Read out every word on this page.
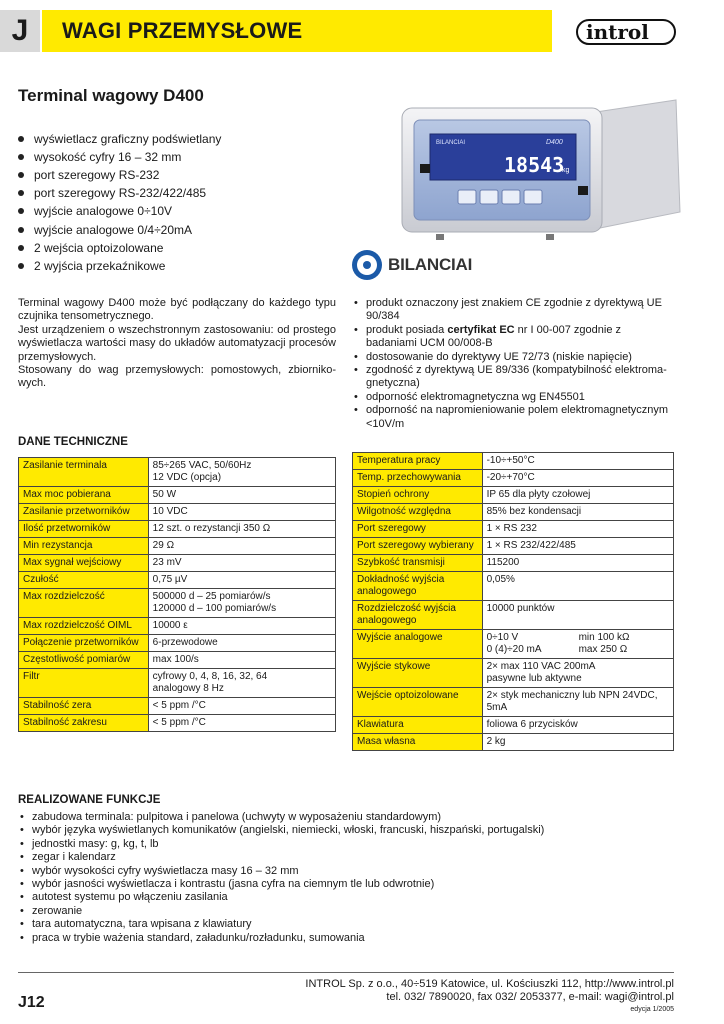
J	WAGI PRZEMYSŁOWE	introl
Terminal wagowy D400
wyświetlacz graficzny podświetlany
wysokość cyfry 16 – 32 mm
port szeregowy RS-232
port szeregowy RS-232/422/485
wyjście analogowe 0÷10V
wyjście analogowe 0/4÷20mA
2 wejścia optoizolowane
2 wyjścia przekaźnikowe
BILANCIAI	D400
18543
kg
BILANCIAI
Terminal wagowy D400 może być podłączany do każdego typu czujnika tensometrycznego.
Jest urządzeniem o wszechstronnym zastosowaniu: od prostego wyświetlacza wartości masy do układów automatyzacji procesów przemysłowych.
Stosowany do wag przemysłowych: pomostowych, zbiorniko-wych.
• produkt oznaczony jest znakiem CE zgodnie z dyrektywą UE 90/384
• produkt posiada certyfikat EC nr I 00-007 zgodnie z badaniami UCM 00/008-B
• dostosowanie do dyrektywy UE 72/73 (niskie napięcie)
• zgodność z dyrektywą UE 89/336 (kompatybilność elektroma-gnetyczna)
• odporność elektromagnetyczna wg EN45501
• odporność na napromieniowanie polem elektromagnetycznym <10V/m
DANE TECHNICZNE
Zasilanie terminala	85÷265 VAC, 50/60Hz
12 VDC (opcja)

Max moc pobierana	50 W

Zasilanie przetworników	10 VDC

Ilość przetworników	12 szt. o rezystancji 350 Ω

Min rezystancja	29 Ω

Max sygnał wejściowy	23 mV

Czułość	0,75 µV

Max rozdzielczość	500000 d – 25 pomiarów/s
120000 d – 100 pomiarów/s

Max rozdzielczość OIML	10000 ε

Połączenie przetworników	6-przewodowe

Częstotliwość pomiarów	max 100/s

Filtr	cyfrowy 0, 4, 8, 16, 32, 64
analogowy 8 Hz

Stabilność zera	< 5 ppm /°C

Stabilność zakresu	< 5 ppm /°C
Temperatura pracy	-10÷+50°C

Temp. przechowywania	-20÷+70°C

Stopień ochrony	IP 65 dla płyty czołowej

Wilgotność względna	85% bez kondensacji

Port szeregowy	1 × RS 232

Port szeregowy wybierany	1 × RS 232/422/485

Szybkość transmisji	115200

Dokładność wyjścia analogowego	0,05%

Rozdzielczość wyjścia analogowego	10000 punktów

Wyjście analogowe	0÷10 V min 100 kΩ
0 (4)÷20 mA max 250 Ω

Wyjście stykowe	2× max 110 VAC 200mA
pasywne lub aktywne

Wejście optoizolowane	2× styk mechaniczny lub NPN 24VDC,
5mA

Klawiatura	foliowa 6 przycisków

Masa własna	2 kg
REALIZOWANE FUNKCJE
• zabudowa terminala: pulpitowa i panelowa (uchwyty w wyposażeniu standardowym)
• wybór języka wyświetlanych komunikatów (angielski, niemiecki, włoski, francuski, hiszpański, portugalski)
• jednostki masy: g, kg, t, lb
• zegar i kalendarz
• wybór wysokości cyfry wyświetlacza masy 16 – 32 mm
• wybór jasności wyświetlacza i kontrastu (jasna cyfra na ciemnym tle lub odwrotnie)
• autotest systemu po włączeniu zasilania
• zerowanie
• tara automatyczna, tara wpisana z klawiatury
• praca w trybie ważenia standard, załadunku/rozładunku, sumowania
INTROL Sp. z o.o., 40÷519 Katowice, ul. Kościuszki 112, http://www.introl.pl
tel. 032/ 7890020, fax 032/ 2053377, e-mail: wagi@introl.pl
edycja 1/2005
J12
